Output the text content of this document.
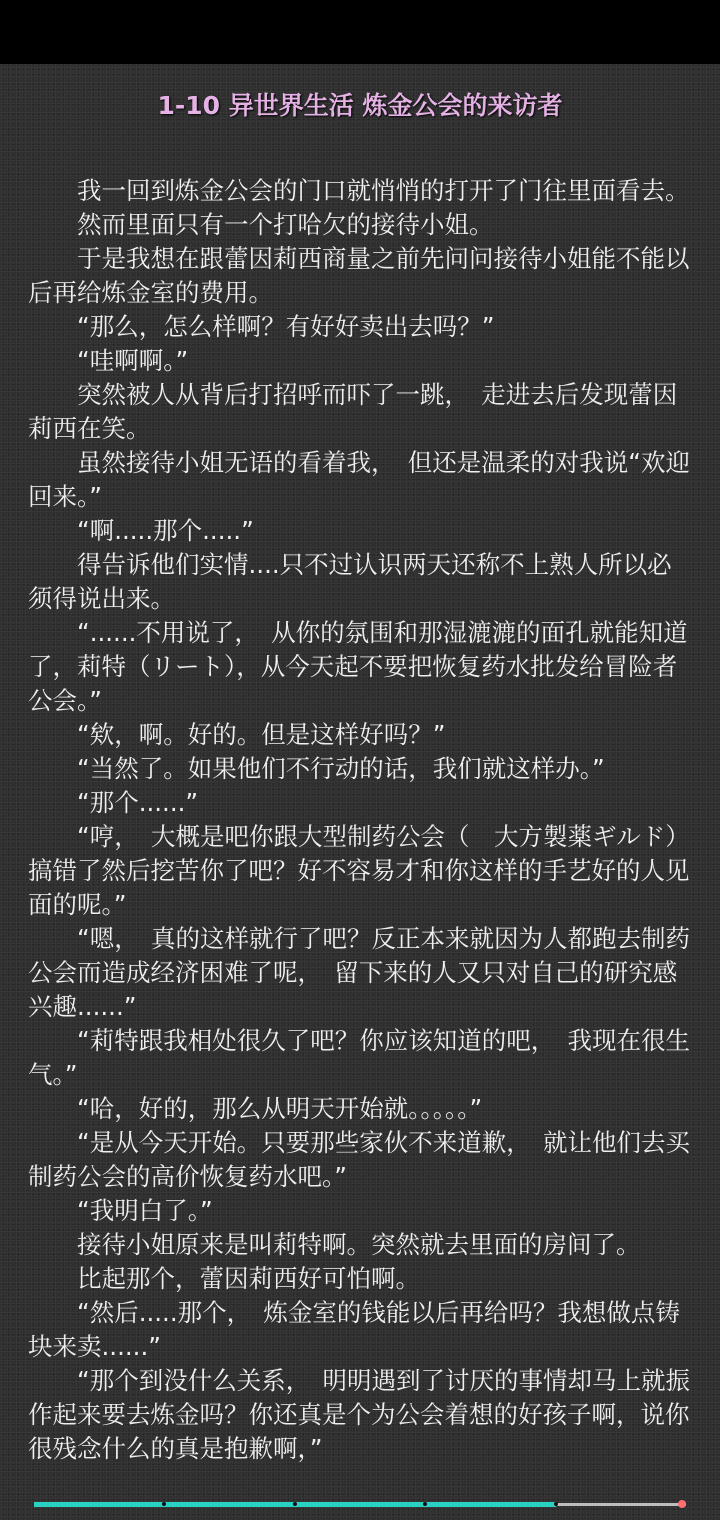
1-10 异世界生活 炼金公会的来访者

我一回到炼金公会的门口就悄悄的打开了门往里面看去。

然而里面只有一个打哈欠的接待小姐。

于是我想在跟蕾因莉西商量之前先问问接待小姐能不能以后再给炼金室的费用。

“那么，怎么样啊？有好好卖出去吗？”

“哇啊啊。”

突然被人从背后打招呼而吓了一跳，　走进去后发现蕾因莉西在笑。

虽然接待小姐无语的看着我，　但还是温柔的对我说“欢迎回来。”

“啊.....那个.....”

得告诉他们实情....只不过认识两天还称不上熟人所以必须得说出来。

“......不用说了，　从你的氛围和那湿漉漉的面孔就能知道了，莉特（リート），从今天起不要把恢复药水批发给冒险者公会。”

“欸，啊。好的。但是这样好吗？”

“当然了。如果他们不行动的话，我们就这样办。”

“那个......”

“哼，　大概是吧你跟大型制药公会（　大方製薬ギルド）搞错了然后挖苦你了吧？好不容易才和你这样的手艺好的人见面的呢。”

“嗯，　真的这样就行了吧？反正本来就因为人都跑去制药公会而造成经济困难了呢，　留下来的人又只对自己的研究感兴趣......”

“莉特跟我相处很久了吧？你应该知道的吧，　我现在很生气。”

“哈，好的，那么从明天开始就。。。。。”

“是从今天开始。只要那些家伙不来道歉，　就让他们去买制药公会的高价恢复药水吧。”

“我明白了。”

接待小姐原来是叫莉特啊。突然就去里面的房间了。

比起那个，蕾因莉西好可怕啊。

“然后.....那个，　炼金室的钱能以后再给吗？我想做点铸块来卖......”

“那个到没什么关系，　明明遇到了讨厌的事情却马上就振作起来要去炼金吗？你还真是个为公会着想的好孩子啊，说你很残念什么的真是抱歉啊，”
